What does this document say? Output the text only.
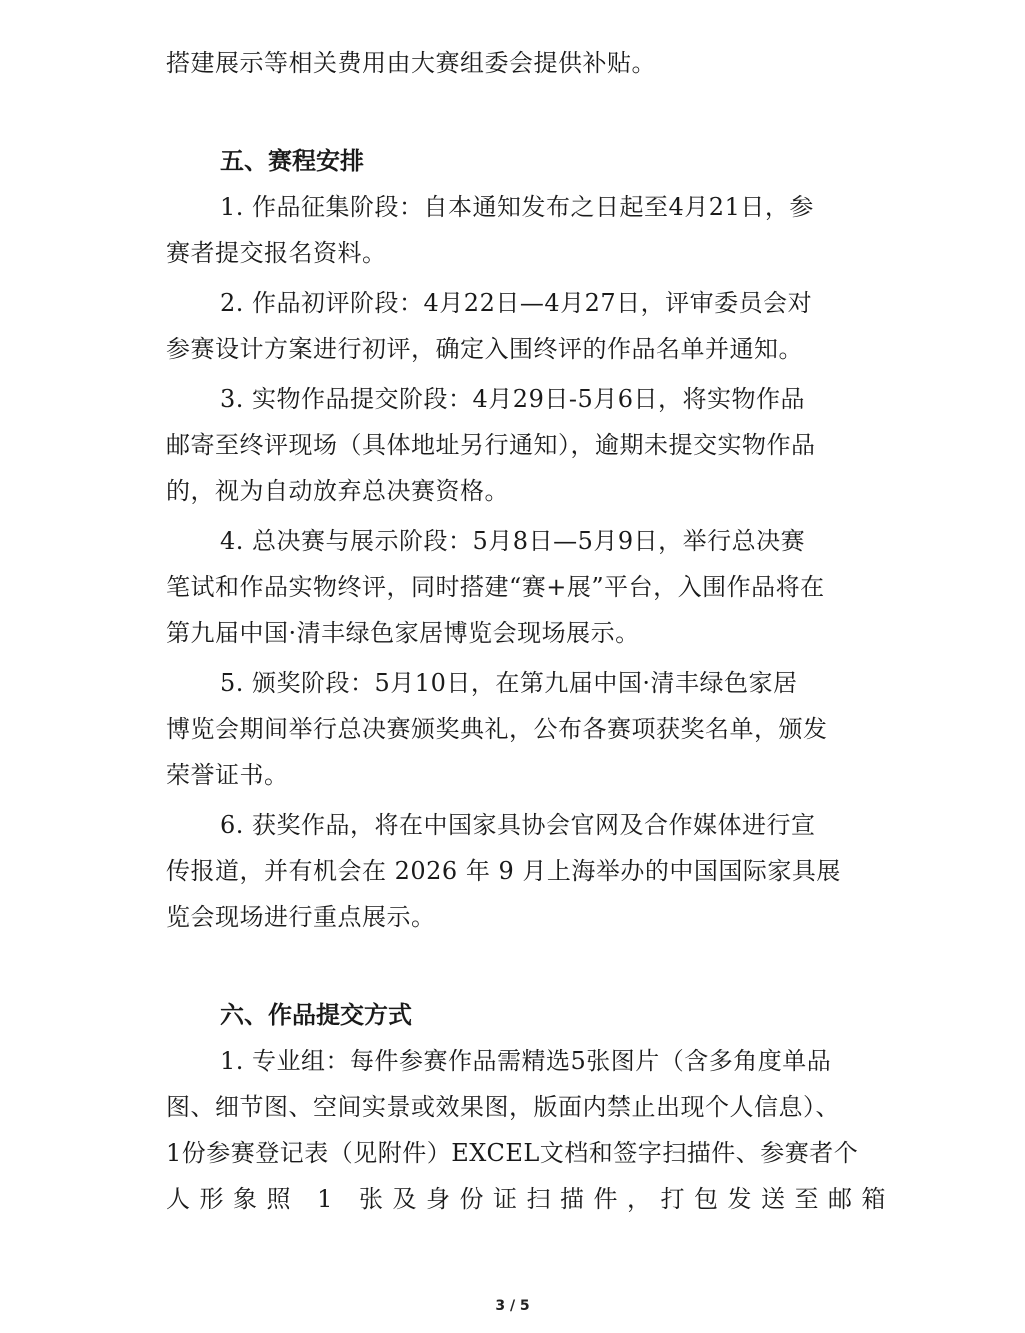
搭建展示等相关费用由大赛组委会提供补贴。
五、赛程安排
1. 作品征集阶段：自本通知发布之日起至4月21日，参
赛者提交报名资料。
2. 作品初评阶段：4月22日—4月27日，评审委员会对
参赛设计方案进行初评，确定入围终评的作品名单并通知。
3. 实物作品提交阶段：4月29日-5月6日，将实物作品
邮寄至终评现场（具体地址另行通知），逾期未提交实物作品
的，视为自动放弃总决赛资格。
4. 总决赛与展示阶段：5月8日—5月9日，举行总决赛
笔试和作品实物终评，同时搭建“赛+展”平台，入围作品将在
第九届中国·清丰绿色家居博览会现场展示。
5. 颁奖阶段：5月10日，在第九届中国·清丰绿色家居
博览会期间举行总决赛颁奖典礼，公布各赛项获奖名单，颁发
荣誉证书。
6. 获奖作品，将在中国家具协会官网及合作媒体进行宣
传报道，并有机会在 2026 年 9 月上海举办的中国国际家具展
览会现场进行重点展示。
六、作品提交方式
1. 专业组：每件参赛作品需精选5张图片（含多角度单品
图、细节图、空间实景或效果图，版面内禁止出现个人信息）、
1份参赛登记表（见附件）EXCEL文档和签字扫描件、参赛者个
人形象照 1 张及身份证扫描件，打包发送至邮箱
3 / 5
